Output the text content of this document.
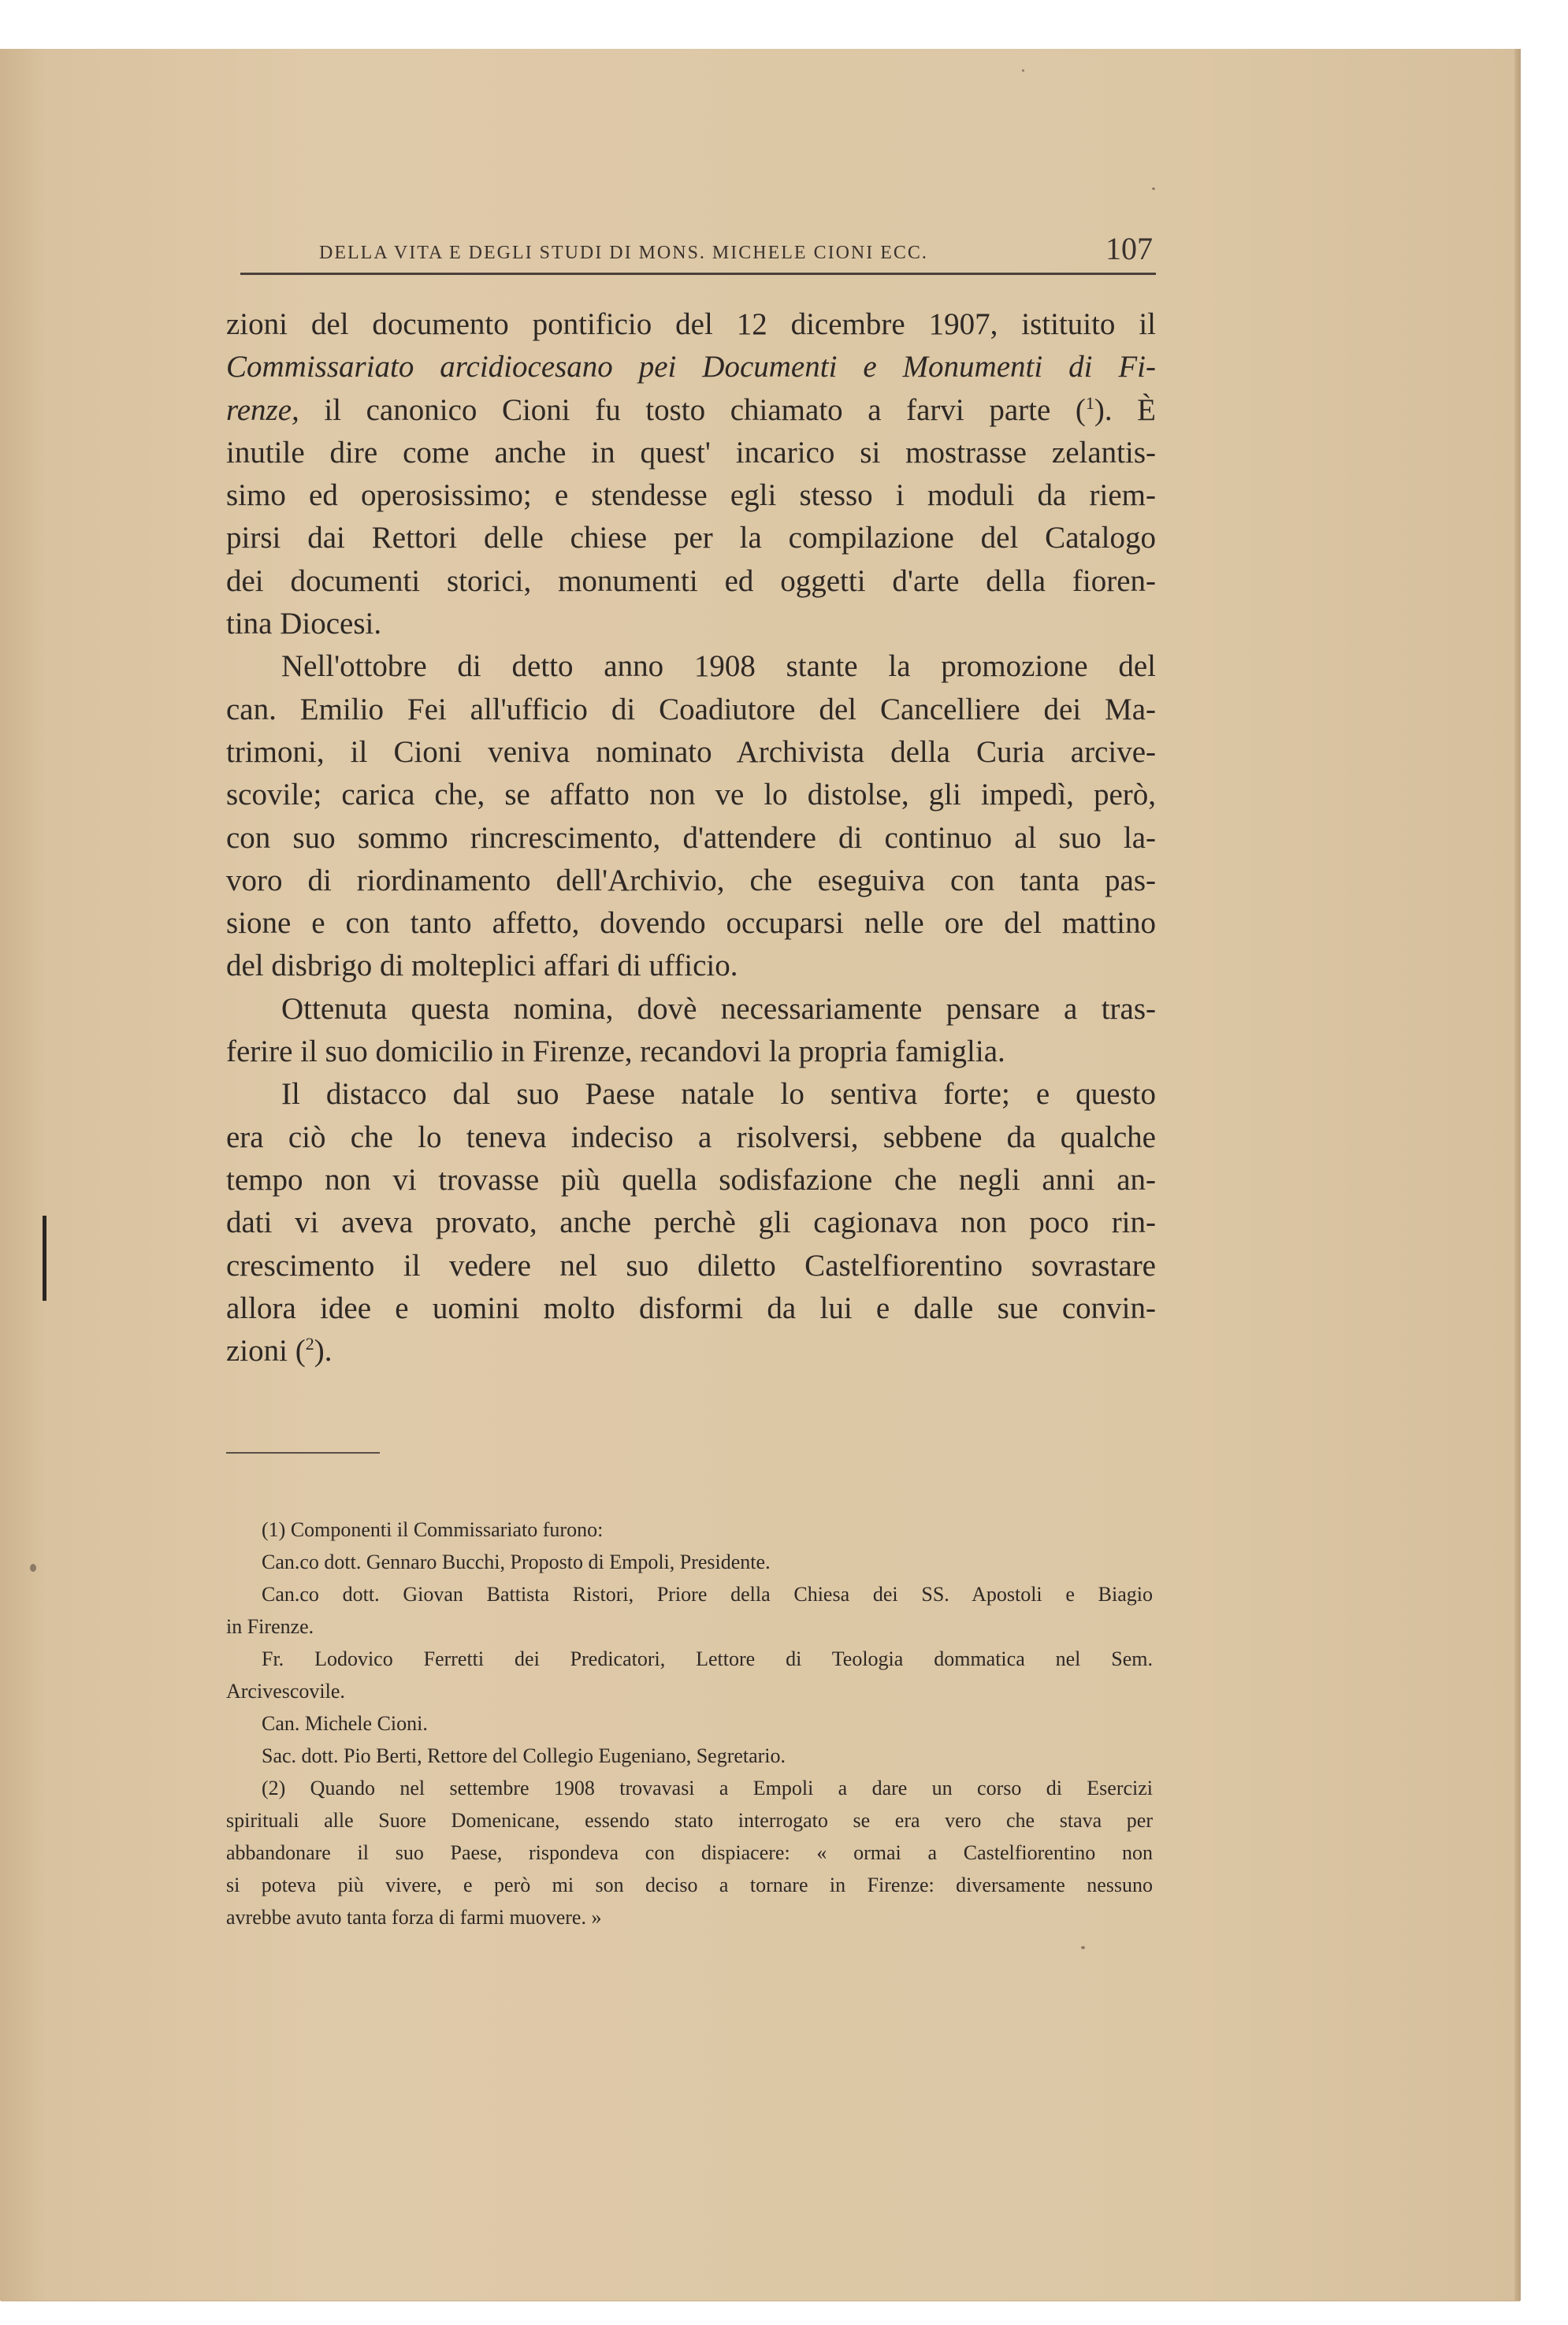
DELLA VITA E DEGLI STUDI DI MONS. MICHELE CIONI ECC.	107

zioni del documento pontificio del 12 dicembre 1907, istituito il
Commissariato arcidiocesano pei Documenti e Monumenti di Fi-
renze, il canonico Cioni fu tosto chiamato a farvi parte ($^1$). È
inutile dire come anche in quest' incarico si mostrasse zelantis-
simo ed operosissimo; e stendesse egli stesso i moduli da riem-
pirsi dai Rettori delle chiese per la compilazione del Catalogo
dei documenti storici, monumenti ed oggetti d'arte della fioren-
tina Diocesi.

Nell'ottobre di detto anno 1908 stante la promozione del
can. Emilio Fei all'ufficio di Coadiutore del Cancelliere dei Ma-
trimoni, il Cioni veniva nominato Archivista della Curia arcive-
scovile; carica che, se affatto non ve lo distolse, gli impedì, però,
con suo sommo rincrescimento, d'attendere di continuo al suo la-
voro di riordinamento dell'Archivio, che eseguiva con tanta pas-
sione e con tanto affetto, dovendo occuparsi nelle ore del mattino
del disbrigo di molteplici affari di ufficio.

Ottenuta questa nomina, dovè necessariamente pensare a tras-
ferire il suo domicilio in Firenze, recandovi la propria famiglia.

Il distacco dal suo Paese natale lo sentiva forte; e questo
era ciò che lo teneva indeciso a risolversi, sebbene da qualche
tempo non vi trovasse più quella sodisfazione che negli anni an-
dati vi aveva provato, anche perchè gli cagionava non poco rin-
crescimento il vedere nel suo diletto Castelfiorentino sovrastare
allora idee e uomini molto disformi da lui e dalle sue convin-
zioni ($^2$).

(1) Componenti il Commissariato furono:
Can.co dott. Gennaro Bucchi, Proposto di Empoli, Presidente.
Can.co dott. Giovan Battista Ristori, Priore della Chiesa dei SS. Apostoli e Biagio
in Firenze.
Fr. Lodovico Ferretti dei Predicatori, Lettore di Teologia dommatica nel Sem.
Arcivescovile.
Can. Michele Cioni.
Sac. dott. Pio Berti, Rettore del Collegio Eugeniano, Segretario.
(2) Quando nel settembre 1908 trovavasi a Empoli a dare un corso di Esercizi
spirituali alle Suore Domenicane, essendo stato interrogato se era vero che stava per
abbandonare il suo Paese, rispondeva con dispiacere: « ormai a Castelfiorentino non
si poteva più vivere, e però mi son deciso a tornare in Firenze: diversamente nessuno
avrebbe avuto tanta forza di farmi muovere. »
